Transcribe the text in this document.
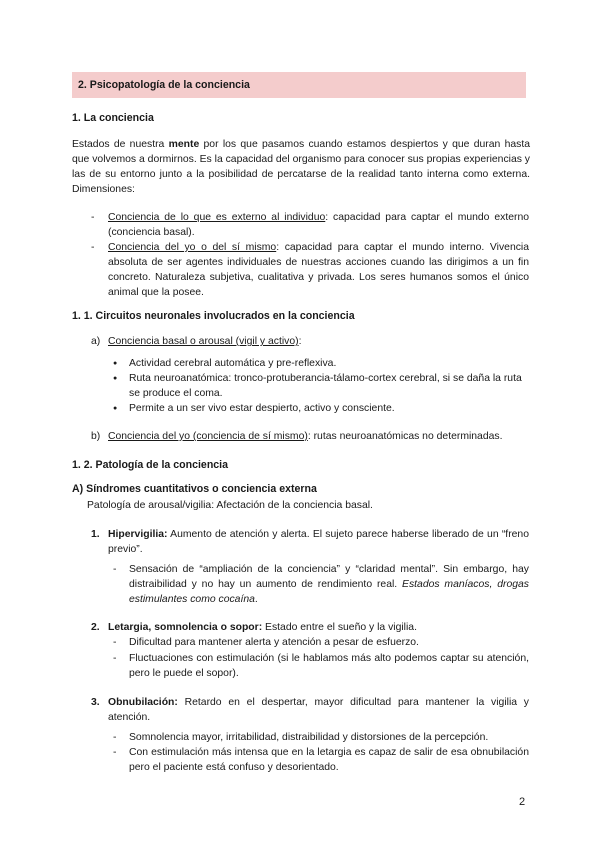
2. Psicopatología de la conciencia
1. La conciencia
Estados de nuestra mente por los que pasamos cuando estamos despiertos y que duran hasta que volvemos a dormirnos. Es la capacidad del organismo para conocer sus propias experiencias y las de su entorno junto a la posibilidad de percatarse de la realidad tanto interna como externa. Dimensiones:
- Conciencia de lo que es externo al individuo: capacidad para captar el mundo externo (conciencia basal).
- Conciencia del yo o del sí mismo: capacidad para captar el mundo interno. Vivencia absoluta de ser agentes individuales de nuestras acciones cuando las dirigimos a un fin concreto. Naturaleza subjetiva, cualitativa y privada. Los seres humanos somos el único animal que la posee.
1. 1. Circuitos neuronales involucrados en la conciencia
a) Conciencia basal o arousal (vigil y activo):
● Actividad cerebral automática y pre-reflexiva.
● Ruta neuroanatómica: tronco-protuberancia-tálamo-cortex cerebral, si se daña la ruta se produce el coma.
● Permite a un ser vivo estar despierto, activo y consciente.
b) Conciencia del yo (conciencia de sí mismo): rutas neuroanatómicas no determinadas.
1. 2. Patología de la conciencia
A) Síndromes cuantitativos o conciencia externa
Patología de arousal/vigilia: Afectación de la conciencia basal.
1. Hipervigilia: Aumento de atención y alerta. El sujeto parece haberse liberado de un “freno previo”.
- Sensación de “ampliación de la conciencia” y “claridad mental”. Sin embargo, hay distraibilidad y no hay un aumento de rendimiento real. Estados maníacos, drogas estimulantes como cocaína.
2. Letargia, somnolencia o sopor: Estado entre el sueño y la vigilia.
- Dificultad para mantener alerta y atención a pesar de esfuerzo.
- Fluctuaciones con estimulación (si le hablamos más alto podemos captar su atención, pero le puede el sopor).
3. Obnubilación: Retardo en el despertar, mayor dificultad para mantener la vigilia y atención.
- Somnolencia mayor, irritabilidad, distraibilidad y distorsiones de la percepción.
- Con estimulación más intensa que en la letargia es capaz de salir de esa obnubilación pero el paciente está confuso y desorientado.
2
